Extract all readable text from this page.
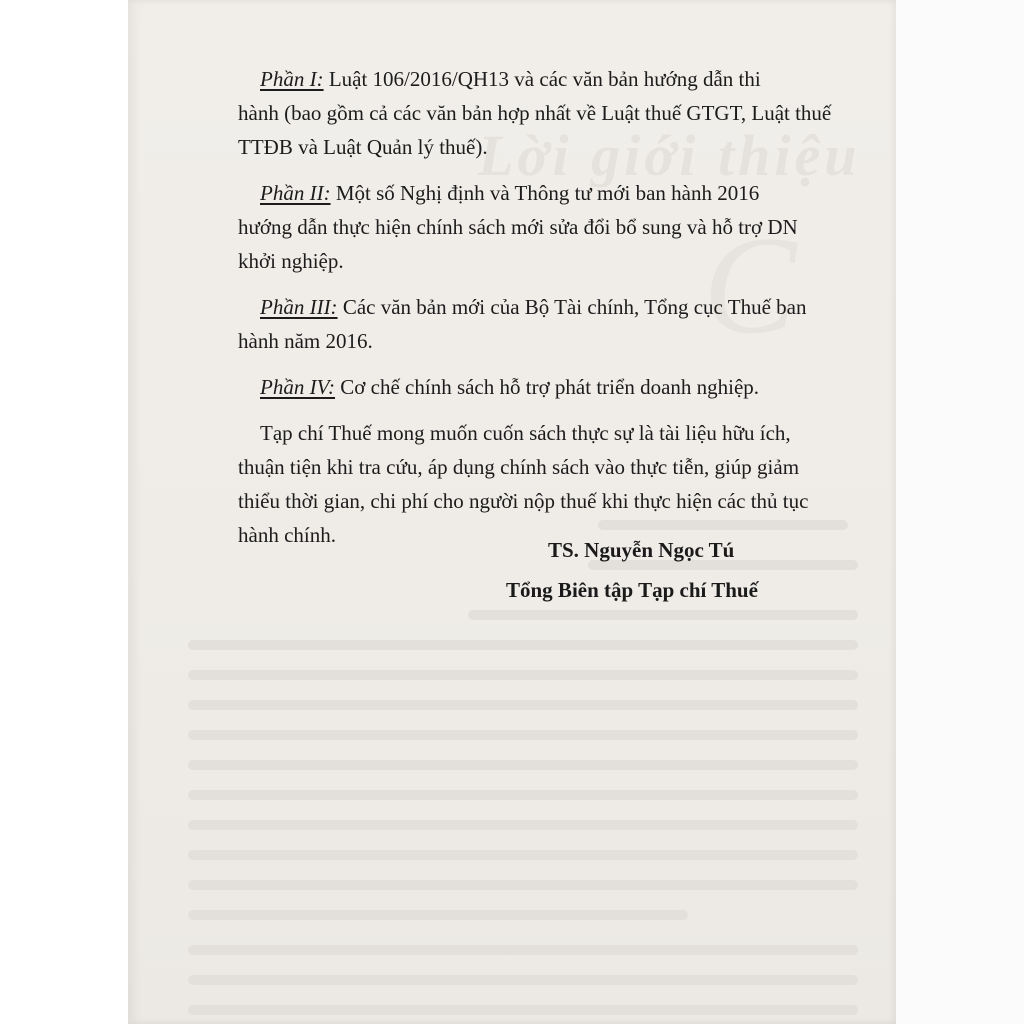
Lời giới thiệu
C

Phần I: Luật 106/2016/QH13 và các văn bản hướng dẫn thi
hành (bao gồm cả các văn bản hợp nhất về Luật thuế GTGT, Luật thuế
TTĐB và Luật Quản lý thuế).

Phần II: Một số Nghị định và Thông tư mới ban hành 2016
hướng dẫn thực hiện chính sách mới sửa đổi bổ sung và hỗ trợ DN
khởi nghiệp.

Phần III: Các văn bản mới của Bộ Tài chính, Tổng cục Thuế ban
hành năm 2016.

Phần IV: Cơ chế chính sách hỗ trợ phát triển doanh nghiệp.

Tạp chí Thuế mong muốn cuốn sách thực sự là tài liệu hữu ích,
thuận tiện khi tra cứu, áp dụng chính sách vào thực tiễn, giúp giảm
thiểu thời gian, chi phí cho người nộp thuế khi thực hiện các thủ tục
hành chính.

TS. Nguyễn Ngọc Tú
Tổng Biên tập Tạp chí Thuế
